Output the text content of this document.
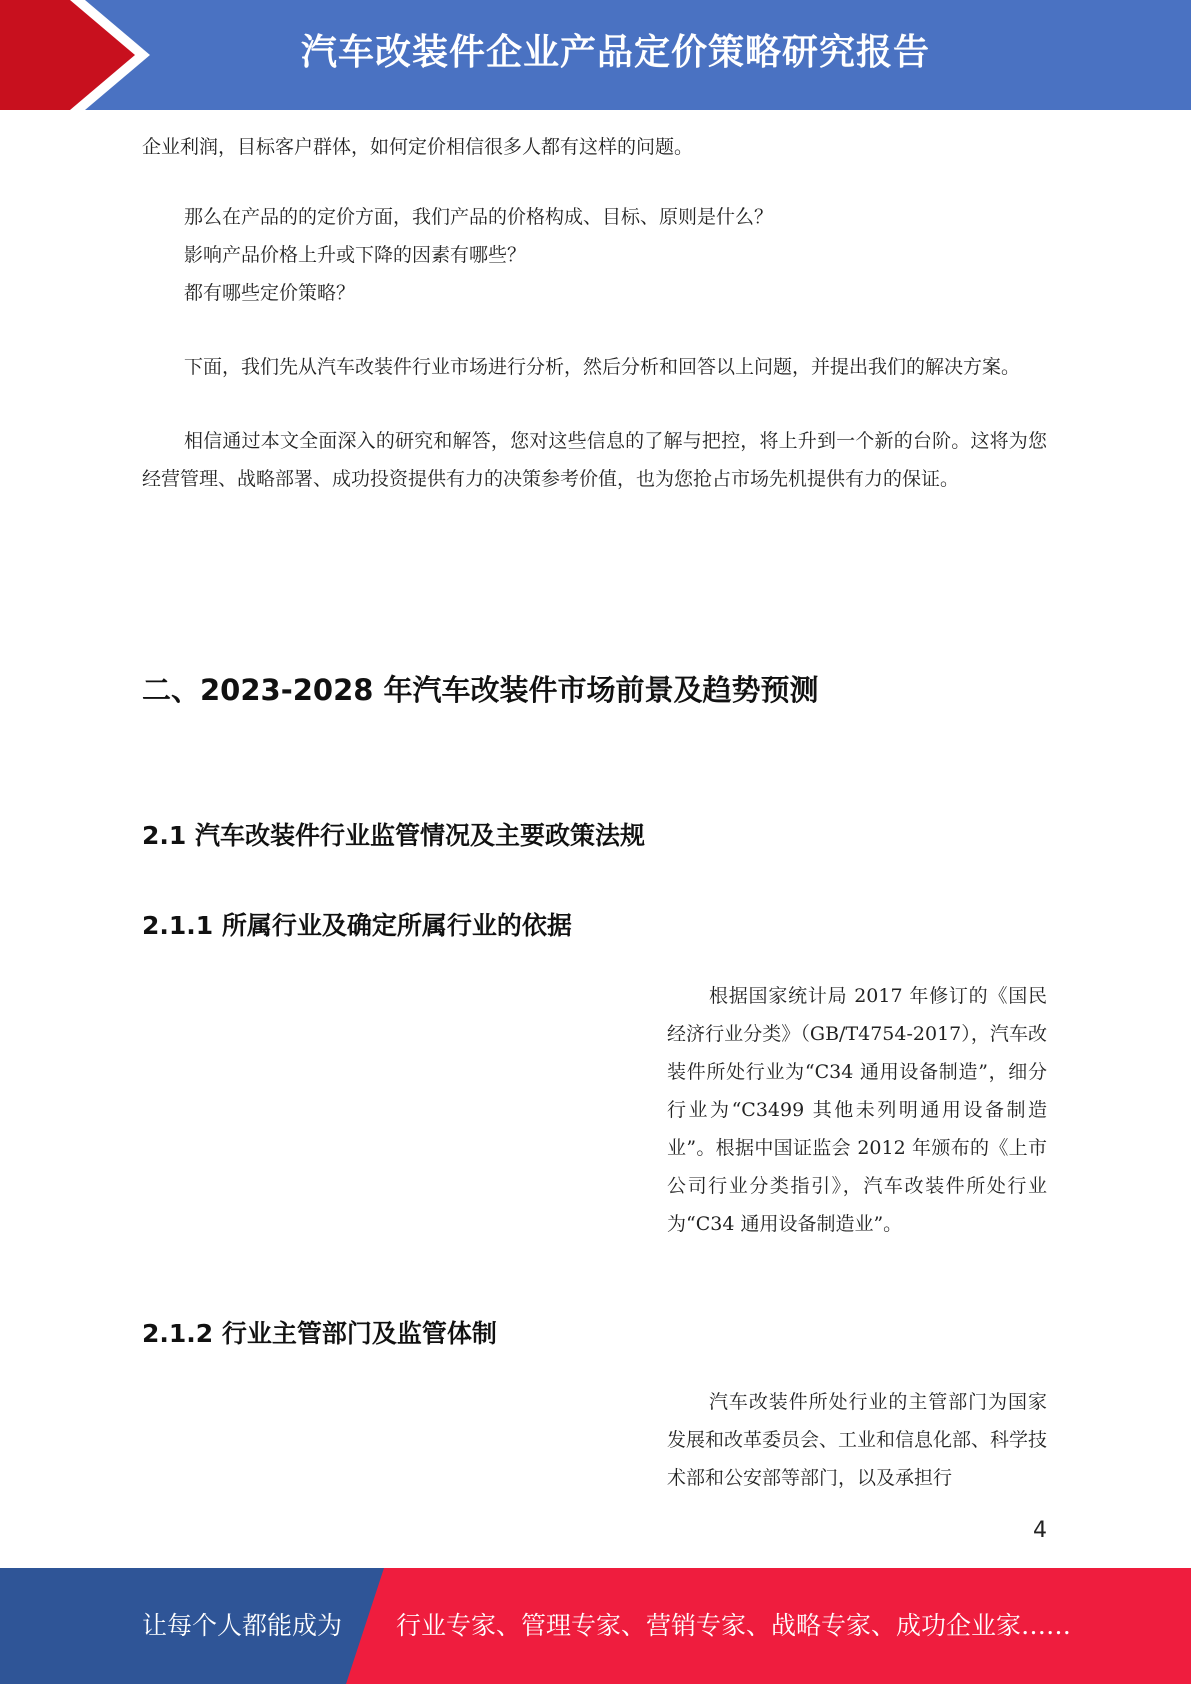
汽车改装件企业产品定价策略研究报告

企业利润，目标客户群体，如何定价相信很多人都有这样的问题。

那么在产品的的定价方面，我们产品的价格构成、目标、原则是什么？

影响产品价格上升或下降的因素有哪些？

都有哪些定价策略？

下面，我们先从汽车改装件行业市场进行分析，然后分析和回答以上问题，并提出我们的解决方案。

相信通过本文全面深入的研究和解答，您对这些信息的了解与把控，将上升到一个新的台阶。这将为您经营管理、战略部署、成功投资提供有力的决策参考价值，也为您抢占市场先机提供有力的保证。

二、2023-2028 年汽车改装件市场前景及趋势预测
2.1 汽车改装件行业监管情况及主要政策法规
2.1.1 所属行业及确定所属行业的依据
根据国家统计局 2017 年修订的《国民经济行业分类》（GB/T4754-2017），汽车改装件所处行业为“C34 通用设备制造”，细分行业为“C3499 其他未列明通用设备制造业”。根据中国证监会 2012 年颁布的《上市公司行业分类指引》，汽车改装件所处行业为“C34 通用设备制造业”。
2.1.2 行业主管部门及监管体制
汽车改装件所处行业的主管部门为国家发展和改革委员会、工业和信息化部、科学技术部和公安部等部门，以及承担行
4
让每个人都能成为 行业专家、管理专家、营销专家、战略专家、成功企业家……
